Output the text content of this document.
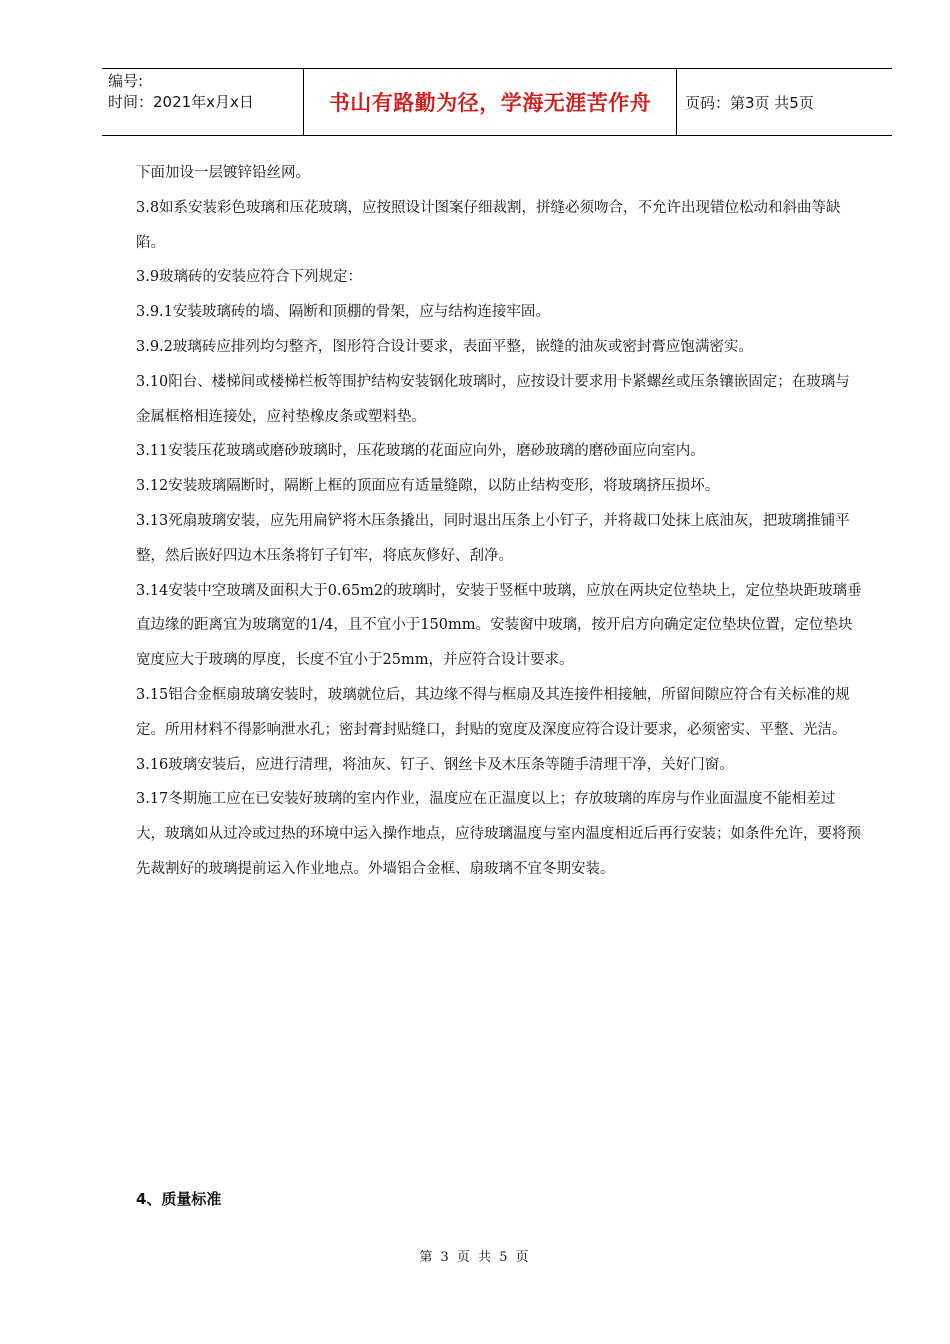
编号:
时间：2021年x月x日	书山有路勤为径，学海无涯苦作舟	页码：第3页 共5页

下面加设一层镀锌铅丝网。

3.8如系安装彩色玻璃和压花玻璃，应按照设计图案仔细裁割，拼缝必须吻合，不允许出现错位松动和斜曲等缺陷。

3.9玻璃砖的安装应符合下列规定：

3.9.1安装玻璃砖的墙、隔断和顶棚的骨架，应与结构连接牢固。

3.9.2玻璃砖应排列均匀整齐，图形符合设计要求，表面平整，嵌缝的油灰或密封膏应饱满密实。

3.10阳台、楼梯间或楼梯栏板等围护结构安装钢化玻璃时，应按设计要求用卡紧螺丝或压条镶嵌固定；在玻璃与金属框格相连接处，应衬垫橡皮条或塑料垫。

3.11安装压花玻璃或磨砂玻璃时，压花玻璃的花面应向外，磨砂玻璃的磨砂面应向室内。

3.12安装玻璃隔断时，隔断上框的顶面应有适量缝隙，以防止结构变形，将玻璃挤压损坏。

3.13死扇玻璃安装，应先用扁铲将木压条撬出，同时退出压条上小钉子，并将裁口处抹上底油灰，把玻璃推铺平整，然后嵌好四边木压条将钉子钉牢，将底灰修好、刮净。

3.14安装中空玻璃及面积大于0.65m2的玻璃时，安装于竖框中玻璃，应放在两块定位垫块上，定位垫块距玻璃垂直边缘的距离宜为玻璃宽的1/4，且不宜小于150mm。安装窗中玻璃，按开启方向确定定位垫块位置，定位垫块宽度应大于玻璃的厚度，长度不宜小于25mm，并应符合设计要求。

3.15铝合金框扇玻璃安装时，玻璃就位后，其边缘不得与框扇及其连接件相接触，所留间隙应符合有关标准的规定。所用材料不得影响泄水孔；密封膏封贴缝口，封贴的宽度及深度应符合设计要求，必须密实、平整、光洁。

3.16玻璃安装后，应进行清理，将油灰、钉子、钢丝卡及木压条等随手清理干净，关好门窗。

3.17冬期施工应在已安装好玻璃的室内作业，温度应在正温度以上；存放玻璃的库房与作业面温度不能相差过大，玻璃如从过冷或过热的环境中运入操作地点，应待玻璃温度与室内温度相近后再行安装；如条件允许，要将预先裁割好的玻璃提前运入作业地点。外墙铝合金框、扇玻璃不宜冬期安装。

4、质量标准
第 3 页 共 5 页
